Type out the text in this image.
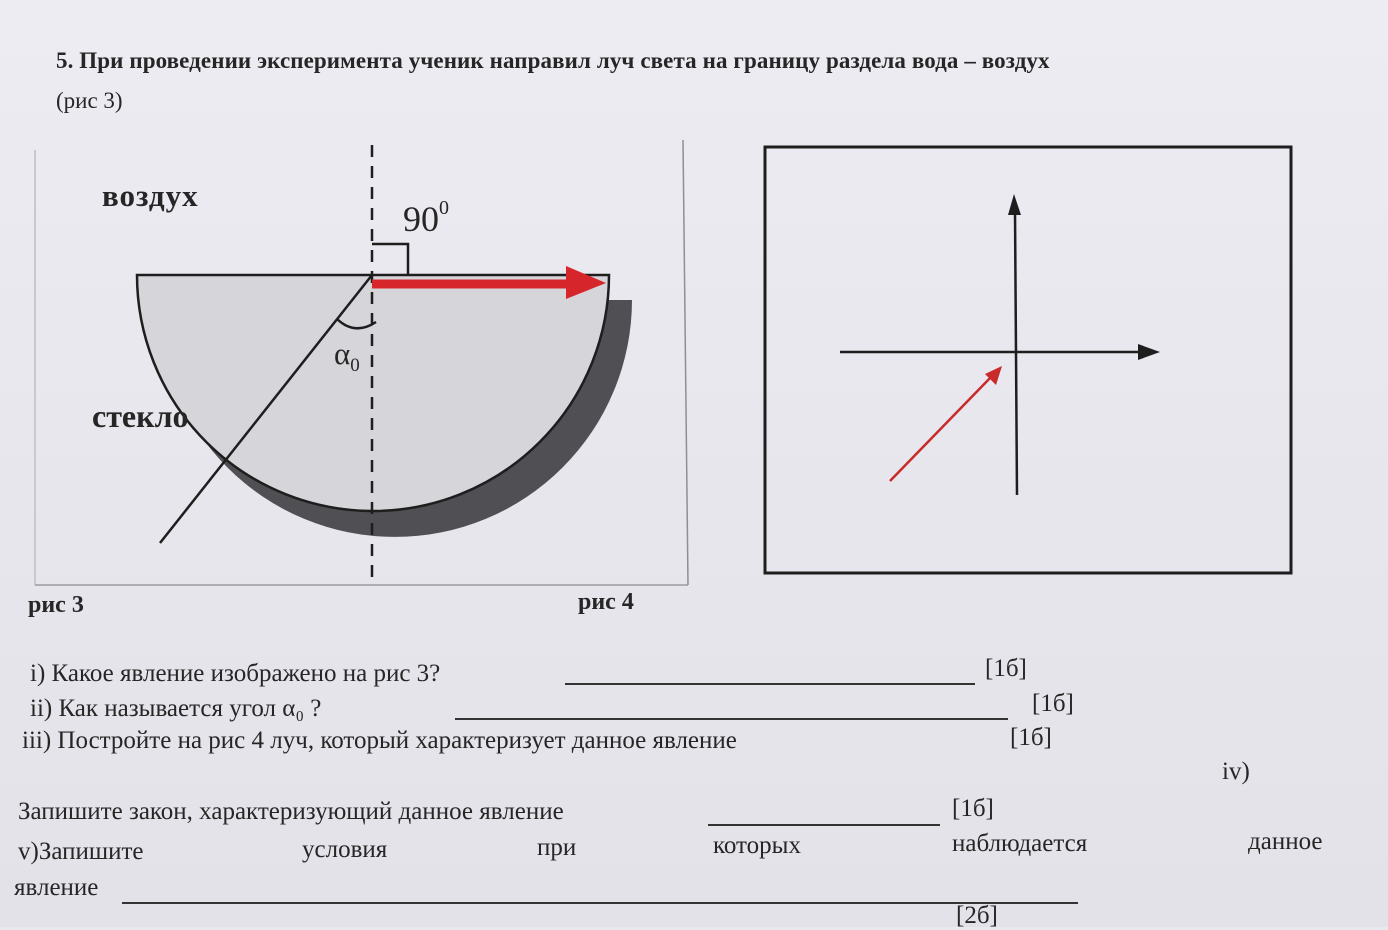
5. При проведении эксперимента ученик направил луч света на границу раздела вода – воздух
(рис 3)
воздух
стекло
$90^0$
$\alpha_0$
рис 3	рис 4
i) Какое явление изображено на рис 3?	[1б]
ii) Как называется угол α₀ ?	[1б]
iii) Постройте на рис 4 луч, который характеризует данное явление	[1б]
iv)
Запишите закон, характеризующий данное явление	[1б]
v)Запишите	условия	при	которых	наблюдается	данное
явление
[2б]
